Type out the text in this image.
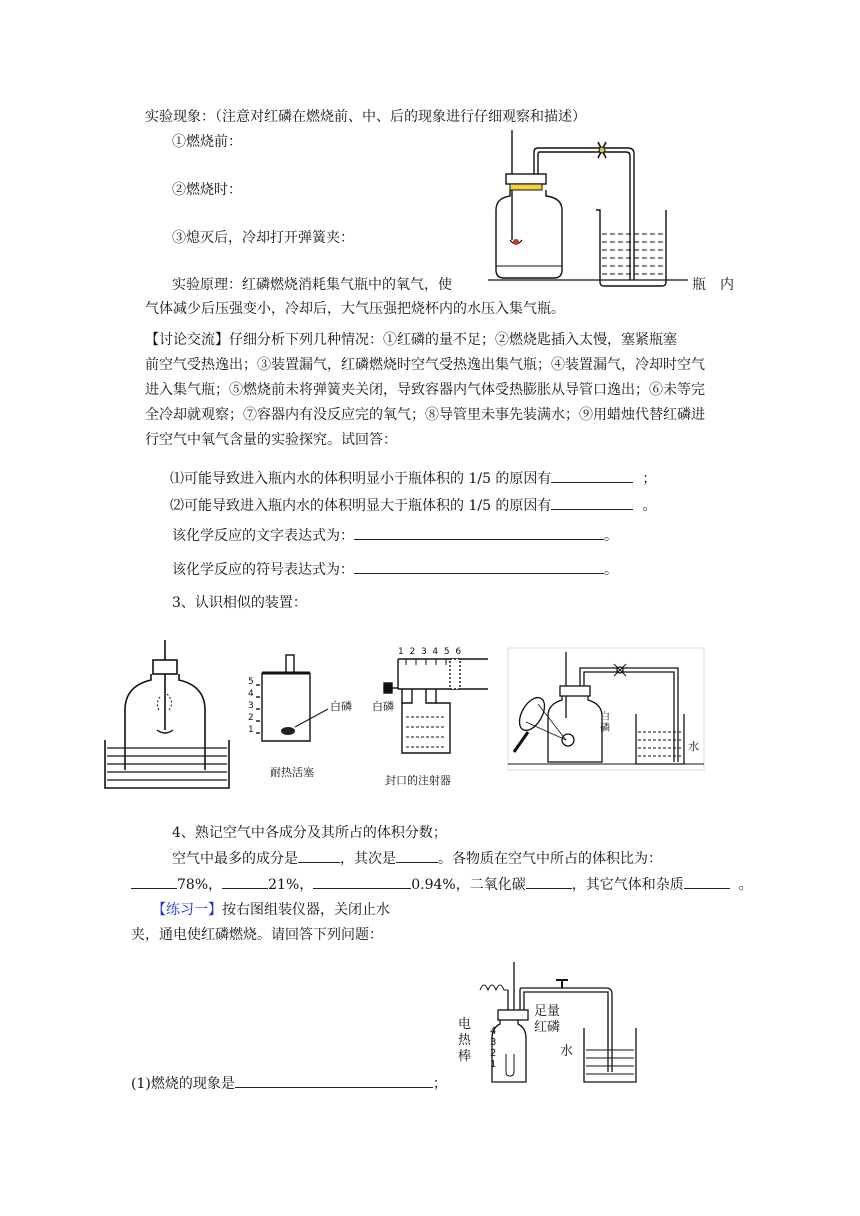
实验现象：（注意对红磷在燃烧前、中、后的现象进行仔细观察和描述）
①燃烧前：
②燃烧时：
③熄灭后，冷却打开弹簧夹：
实验原理：红磷燃烧消耗集气瓶中的氧气，使	瓶　内
气体减少后压强变小，冷却后，大气压强把烧杯内的水压入集气瓶。
【讨论交流】仔细分析下列几种情况：①红磷的量不足；②燃烧匙插入太慢，塞紧瓶塞
前空气受热逸出；③装置漏气，红磷燃烧时空气受热逸出集气瓶；④装置漏气，冷却时空气
进入集气瓶；⑤燃烧前未将弹簧夹关闭，导致容器内气体受热膨胀从导管口逸出；⑥未等完
全冷却就观察；⑦容器内有没反应完的氧气；⑧导管里未事先装满水；⑨用蜡烛代替红磷进
行空气中氧气含量的实验探究。试回答：
⑴可能导致进入瓶内水的体积明显小于瓶体积的 1/5 的原因有	；
⑵可能导致进入瓶内水的体积明显大于瓶体积的 1/5 的原因有	。
该化学反应的文字表达式为：	。
该化学反应的符号表达式为：	。
3、认识相似的装置：
4、熟记空气中各成分及其所占的体积分数；
空气中最多的成分是	，其次是	。各物质在空气中所占的体积比为：
78%，	21%，	0.94%，二氧化碳	，其它气体和杂质	。
【练习一】按右图组装仪器，关闭止水
夹，通电使红磷燃烧。请回答下列问题：
(1)燃烧的现象是	；
5
4
3
2
1
白磷
耐热活塞
1 2 3 4 5 6
白磷
封口的注射器
白磷
水
电热棒
足量红磷
水
4
3
2
1
